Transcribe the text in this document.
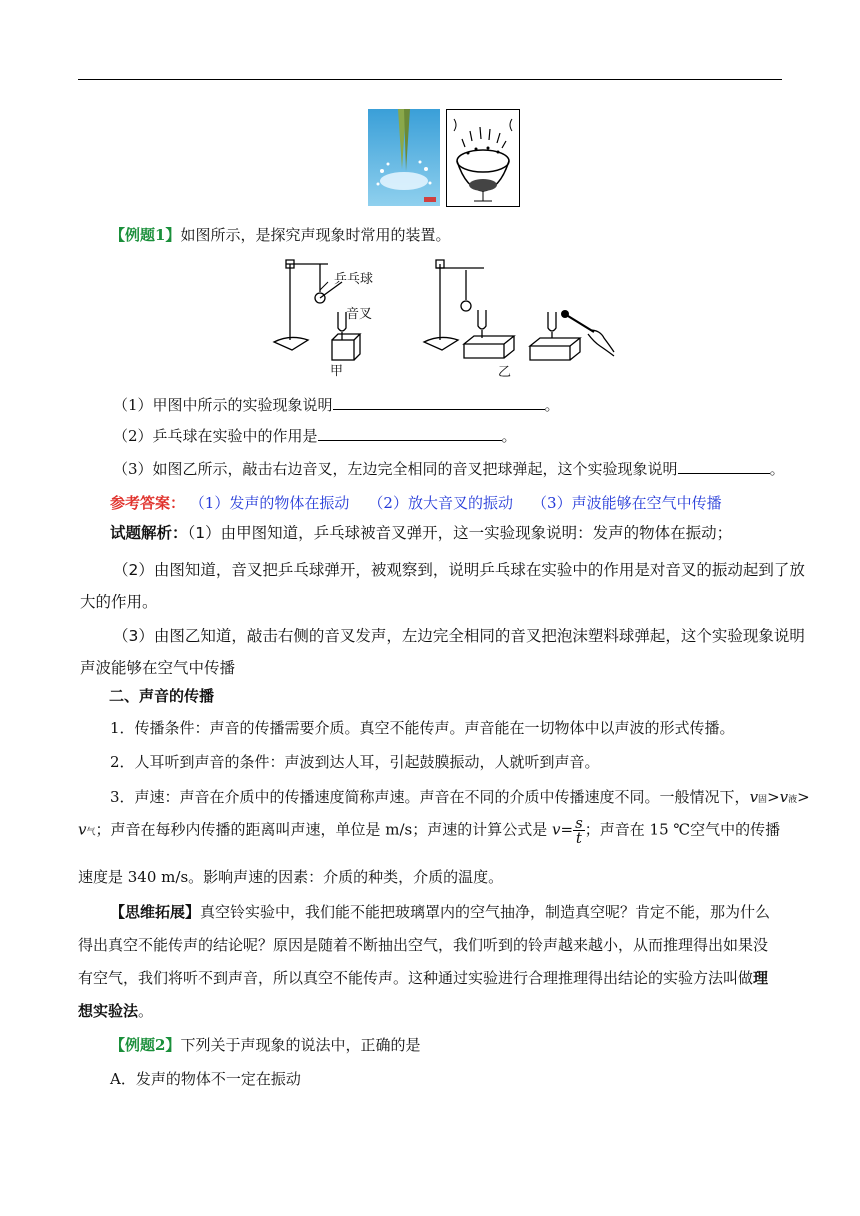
【例题1】如图所示，是探究声现象时常用的装置。
乒乓球
音叉
甲	乙
（1）甲图中所示的实验现象说明	。
（2）乒乓球在实验中的作用是	。
（3）如图乙所示，敲击右边音叉，左边完全相同的音叉把球弹起，这个实验现象说明	。
参考答案： （1）发声的物体在振动 （2）放大音叉的振动 （3）声波能够在空气中传播
试题解析：（1）由甲图知道，乒乓球被音叉弹开，这一实验现象说明：发声的物体在振动；
（2）由图知道，音叉把乒乓球弹开，被观察到，说明乒乓球在实验中的作用是对音叉的振动起到了放
大的作用。
（3）由图乙知道，敲击右侧的音叉发声，左边完全相同的音叉把泡沫塑料球弹起，这个实验现象说明
声波能够在空气中传播
二、声音的传播
1．传播条件：声音的传播需要介质。真空不能传声。声音能在一切物体中以声波的形式传播。
2．人耳听到声音的条件：声波到达人耳，引起鼓膜振动，人就听到声音。
3．声速：声音在介质中的传播速度简称声速。声音在不同的介质中传播速度不同。一般情况下，v固>v液>
v气；声音在每秒内传播的距离叫声速，单位是 m/s；声速的计算公式是 $v= \frac{s}{t}$ ；声音在 15 ℃空气中的传播
速度是 340 m/s。影响声速的因素：介质的种类，介质的温度。
【思维拓展】真空铃实验中，我们能不能把玻璃罩内的空气抽净，制造真空呢？肯定不能，那为什么
得出真空不能传声的结论呢？原因是随着不断抽出空气，我们听到的铃声越来越小，从而推理得出如果没
有空气，我们将听不到声音，所以真空不能传声。这种通过实验进行合理推理得出结论的实验方法叫做理
想实验法。
【例题2】下列关于声现象的说法中，正确的是
A．发声的物体不一定在振动
